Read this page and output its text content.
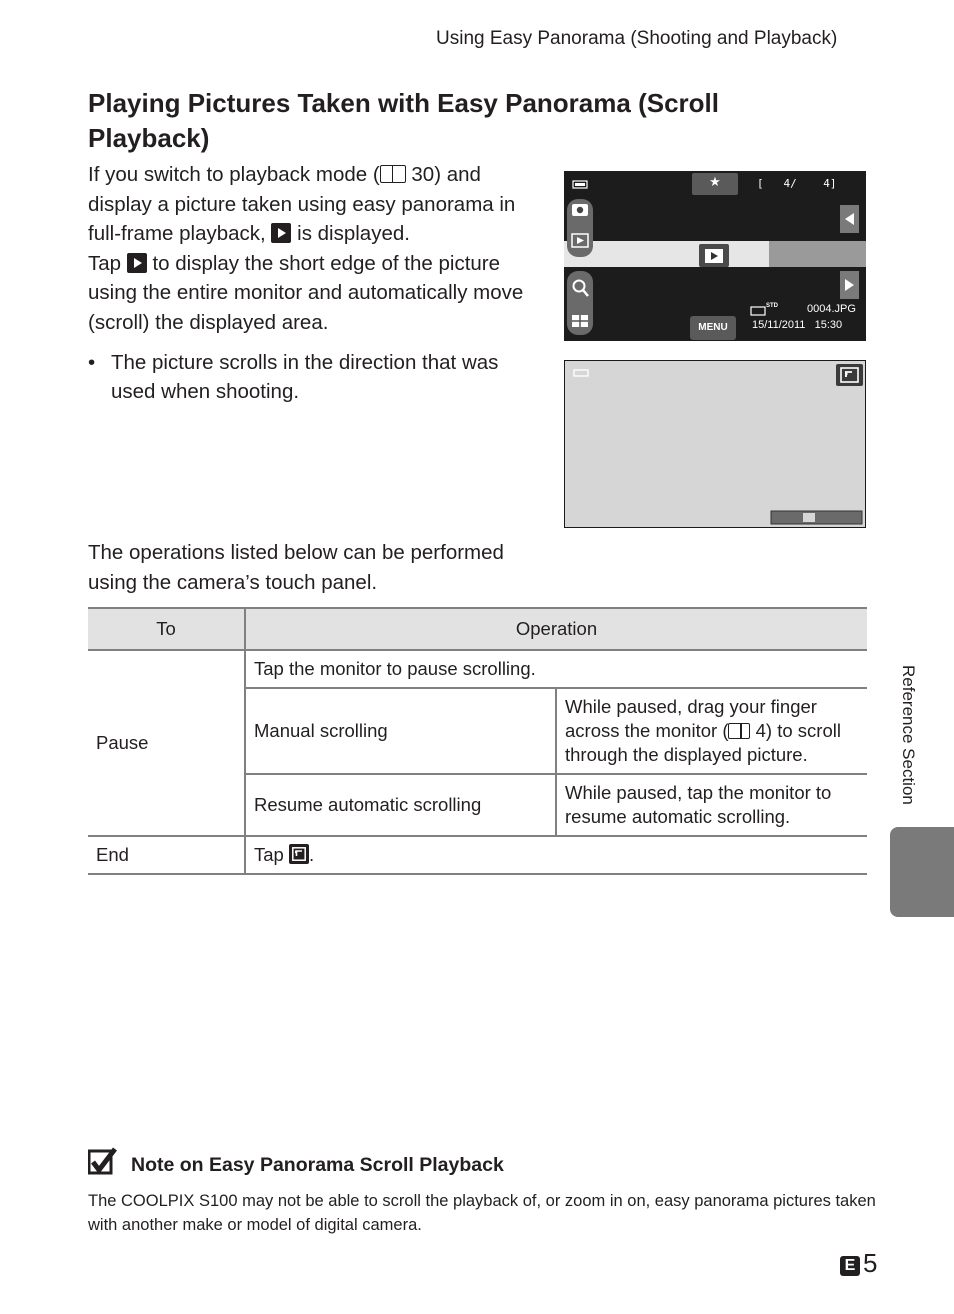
Using Easy Panorama (Shooting and Playback)
Playing Pictures Taken with Easy Panorama (Scroll Playback)

If you switch to playback mode ( 30) and display a picture taken using easy panorama in full-frame playback,  is displayed.

Tap  to display the short edge of the picture using the entire monitor and automatically move (scroll) the displayed area.

• The picture scrolls in the direction that was used when shooting.
★	[   4/    4]
MENU
STD	0004.JPG
15/11/2011   15:30
The operations listed below can be performed using the camera’s touch panel.
To	Operation	
Pause	Tap the monitor to pause scrolling.	
	Manual scrolling	While paused, drag your finger across the monitor ( 4) to scroll through the displayed picture.
	Resume automatic scrolling	While paused, tap the monitor to resume automatic scrolling.
End	Tap
.	
Reference Section
Note on Easy Panorama Scroll Playback
The COOLPIX S100 may not be able to scroll the playback of, or zoom in on, easy panorama pictures taken with another make or model of digital camera.
E 5
